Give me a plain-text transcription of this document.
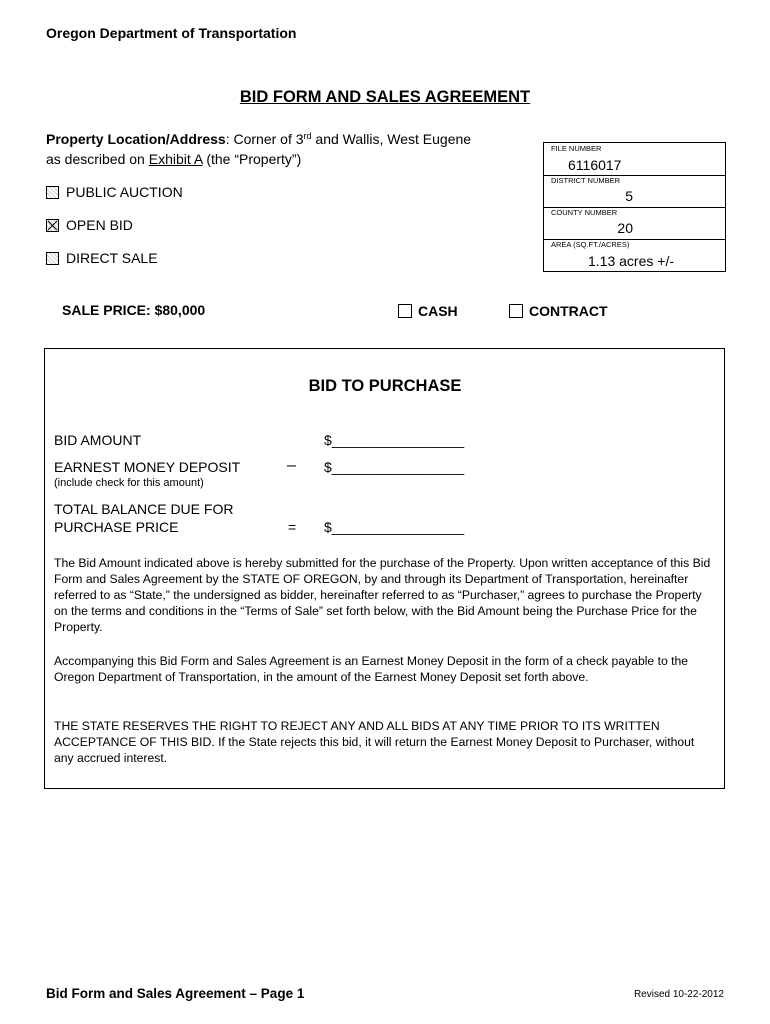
Oregon Department of Transportation
BID FORM AND SALES AGREEMENT
Property Location/Address: Corner of 3rd and Wallis, West Eugene
as described on Exhibit A (the “Property”)
PUBLIC AUCTION
OPEN BID
DIRECT SALE
FILE NUMBER
6116017
DISTRICT NUMBER
5
COUNTY NUMBER
20
AREA (SQ.FT./ACRES)
1.13 acres +/-
SALE PRICE: $80,000	CASH	CONTRACT
BID TO PURCHASE
BID AMOUNT	$_________________
EARNEST MONEY DEPOSIT	– $_________________
(include check for this amount)
TOTAL BALANCE DUE FOR
PURCHASE PRICE	= $_________________
The Bid Amount indicated above is hereby submitted for the purchase of the Property. Upon written acceptance of this Bid Form and Sales Agreement by the STATE OF OREGON, by and through its Department of Transportation, hereinafter referred to as “State,” the undersigned as bidder, hereinafter referred to as “Purchaser,” agrees to purchase the Property on the terms and conditions in the “Terms of Sale” set forth below, with the Bid Amount being the Purchase Price for the Property.
Accompanying this Bid Form and Sales Agreement is an Earnest Money Deposit in the form of a check payable to the Oregon Department of Transportation, in the amount of the Earnest Money Deposit set forth above.
THE STATE RESERVES THE RIGHT TO REJECT ANY AND ALL BIDS AT ANY TIME PRIOR TO ITS WRITTEN ACCEPTANCE OF THIS BID. If the State rejects this bid, it will return the Earnest Money Deposit to Purchaser, without any accrued interest.
Bid Form and Sales Agreement – Page 1	Revised 10-22-2012
